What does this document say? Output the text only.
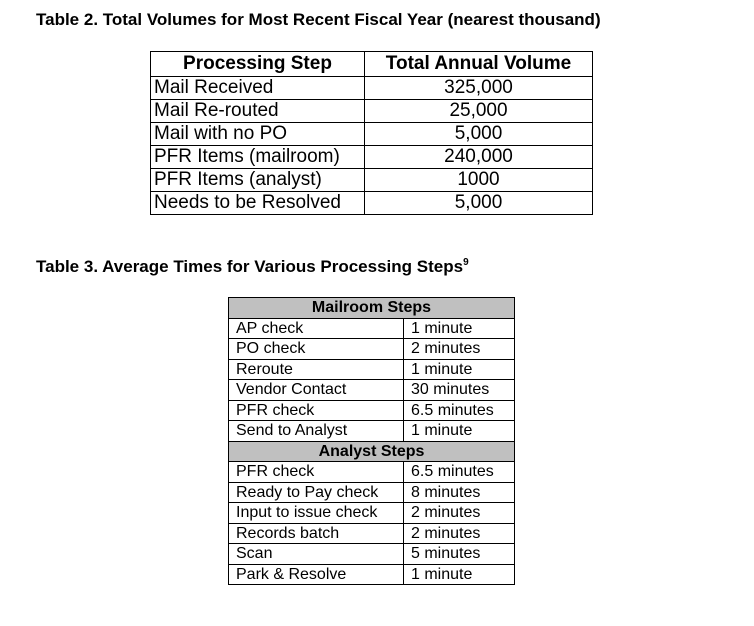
Table 2. Total Volumes for Most Recent Fiscal Year (nearest thousand)
Processing Step	Total Annual Volume
Mail Received	325,000
Mail Re-routed	25,000
Mail with no PO	5,000
PFR Items (mailroom)	240,000
PFR Items (analyst)	1000
Needs to be Resolved	5,000
Table 3. Average Times for Various Processing Steps$^9$
Mailroom Steps	
AP check	1 minute
PO check	2 minutes
Reroute	1 minute
Vendor Contact	30 minutes
PFR check	6.5 minutes
Send to Analyst	1 minute
Analyst Steps	
PFR check	6.5 minutes
Ready to Pay check	8 minutes
Input to issue check	2 minutes
Records batch	2 minutes
Scan	5 minutes
Park & Resolve	1 minute
